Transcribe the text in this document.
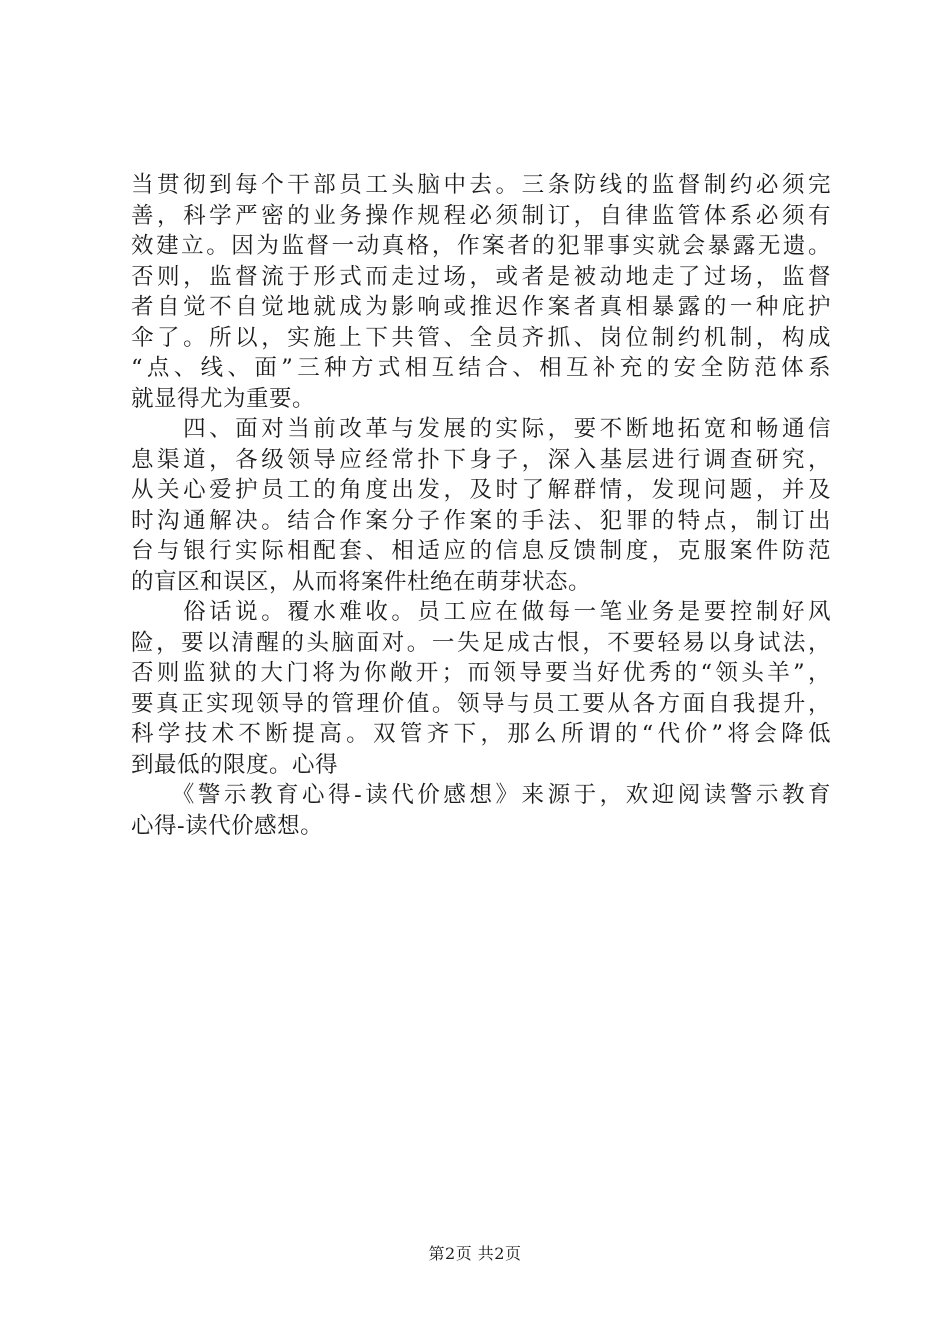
当贯彻到每个干部员工头脑中去。三条防线的监督制约必须完
善，科学严密的业务操作规程必须制订，自律监管体系必须有
效建立。因为监督一动真格，作案者的犯罪事实就会暴露无遗。
否则，监督流于形式而走过场，或者是被动地走了过场，监督
者自觉不自觉地就成为影响或推迟作案者真相暴露的一种庇护
伞了。所以，实施上下共管、全员齐抓、岗位制约机制，构成
“点、线、面”三种方式相互结合、相互补充的安全防范体系
就显得尤为重要。
　　四、面对当前改革与发展的实际，要不断地拓宽和畅通信
息渠道，各级领导应经常扑下身子，深入基层进行调查研究，
从关心爱护员工的角度出发，及时了解群情，发现问题，并及
时沟通解决。结合作案分子作案的手法、犯罪的特点，制订出
台与银行实际相配套、相适应的信息反馈制度，克服案件防范
的盲区和误区，从而将案件杜绝在萌芽状态。
　　俗话说。覆水难收。员工应在做每一笔业务是要控制好风
险，要以清醒的头脑面对。一失足成古恨，不要轻易以身试法，
否则监狱的大门将为你敞开；而领导要当好优秀的“领头羊”，
要真正实现领导的管理价值。领导与员工要从各方面自我提升，
科学技术不断提高。双管齐下，那么所谓的“代价”将会降低
到最低的限度。心得
　　《警示教育心得-读代价感想》来源于，欢迎阅读警示教育
心得-读代价感想。
第2页 共2页
